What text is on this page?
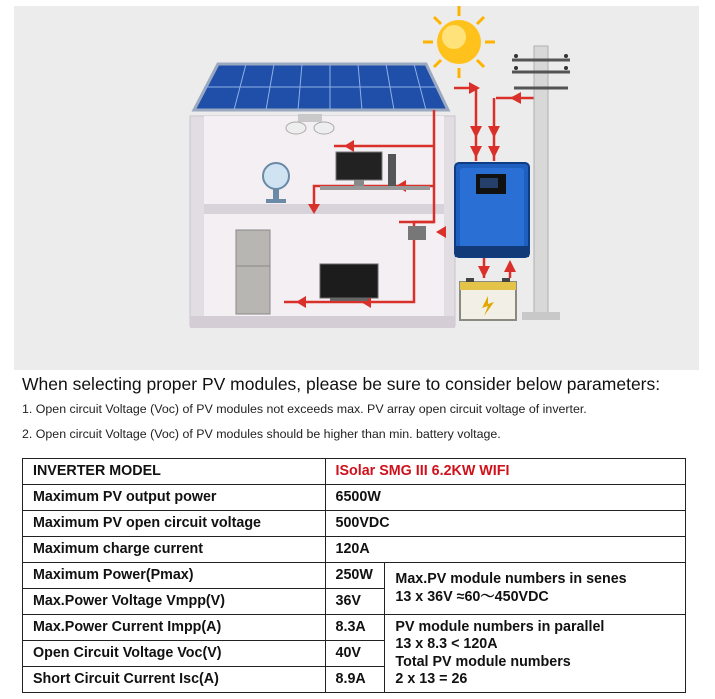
When selecting proper PV modules, please be sure to consider below parameters:
1. Open circuit Voltage (Voc) of PV modules not exceeds max. PV array open circuit voltage of inverter.
2. Open circuit Voltage (Voc) of PV modules should be higher than min. battery voltage.
INVERTER MODEL	ISolar SMG III 6.2KW WIFI	
Maximum PV output power	6500W	
Maximum PV open circuit voltage	500VDC	
Maximum charge current	120A	
Maximum Power(Pmax)	250W	Max.PV module numbers in senes
13 x 36V ≈60～450VDC

Max.Power Voltage Vmpp(V)	36V	
Max.Power Current Impp(A)	8.3A	PV module numbers in parallel
13 x 8.3 < 120A
Total PV module numbers
2 x 13 = 26

Open Circuit Voltage Voc(V)	40V	
Short Circuit Current Isc(A)	8.9A	
